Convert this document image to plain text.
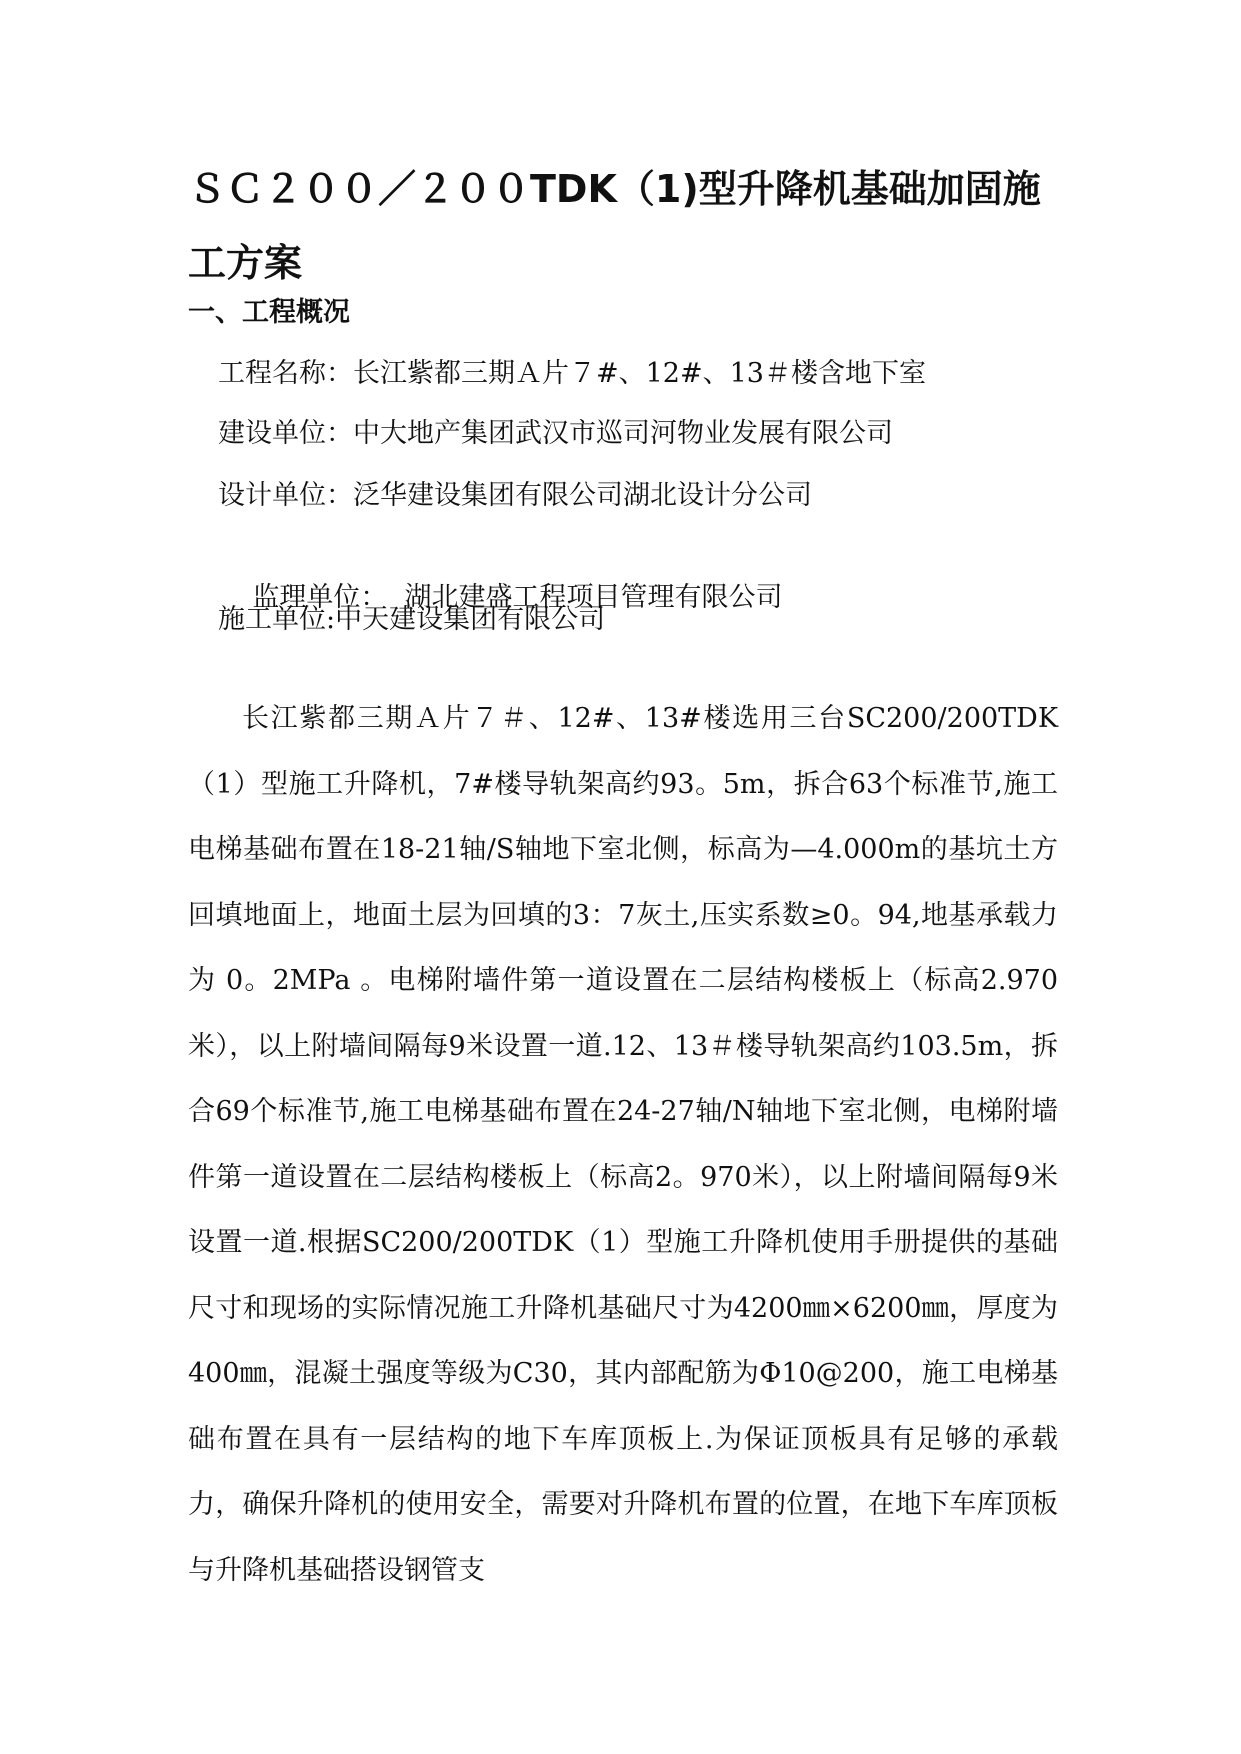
ＳＣ２００／２００TDK（1)型升降机基础加固施工方案
一、工程概况

工程名称：长江紫都三期Ａ片７#、12#、13＃楼含地下室

建设单位：中大地产集团武汉市巡司河物业发展有限公司

设计单位：泛华建设集团有限公司湖北设计分公司

监理单位：  湖北建盛工程项目管理有限公司

施工单位:中天建设集团有限公司

长江紫都三期Ａ片７＃、12#、13#楼选用三台SC200/200TDK（1）型施工升降机，7#楼导轨架高约93。5m，拆合63个标准节,施工电梯基础布置在18-21轴/S轴地下室北侧，标高为—4.000m的基坑土方回填地面上，地面土层为回填的3：7灰土,压实系数≥0。94,地基承载力为 0。2MPa 。电梯附墙件第一道设置在二层结构楼板上（标高2.970米），以上附墙间隔每9米设置一道.12、13＃楼导轨架高约103.5m，拆合69个标准节,施工电梯基础布置在24-27轴/N轴地下室北侧，电梯附墙件第一道设置在二层结构楼板上（标高2。970米），以上附墙间隔每9米设置一道.根据SC200/200TDK（1）型施工升降机使用手册提供的基础尺寸和现场的实际情况施工升降机基础尺寸为4200㎜×6200㎜，厚度为400㎜，混凝土强度等级为C30，其内部配筋为Φ10@200，施工电梯基础布置在具有一层结构的地下车库顶板上.为保证顶板具有足够的承载力，确保升降机的使用安全，需要对升降机布置的位置，在地下车库顶板与升降机基础搭设钢管支
